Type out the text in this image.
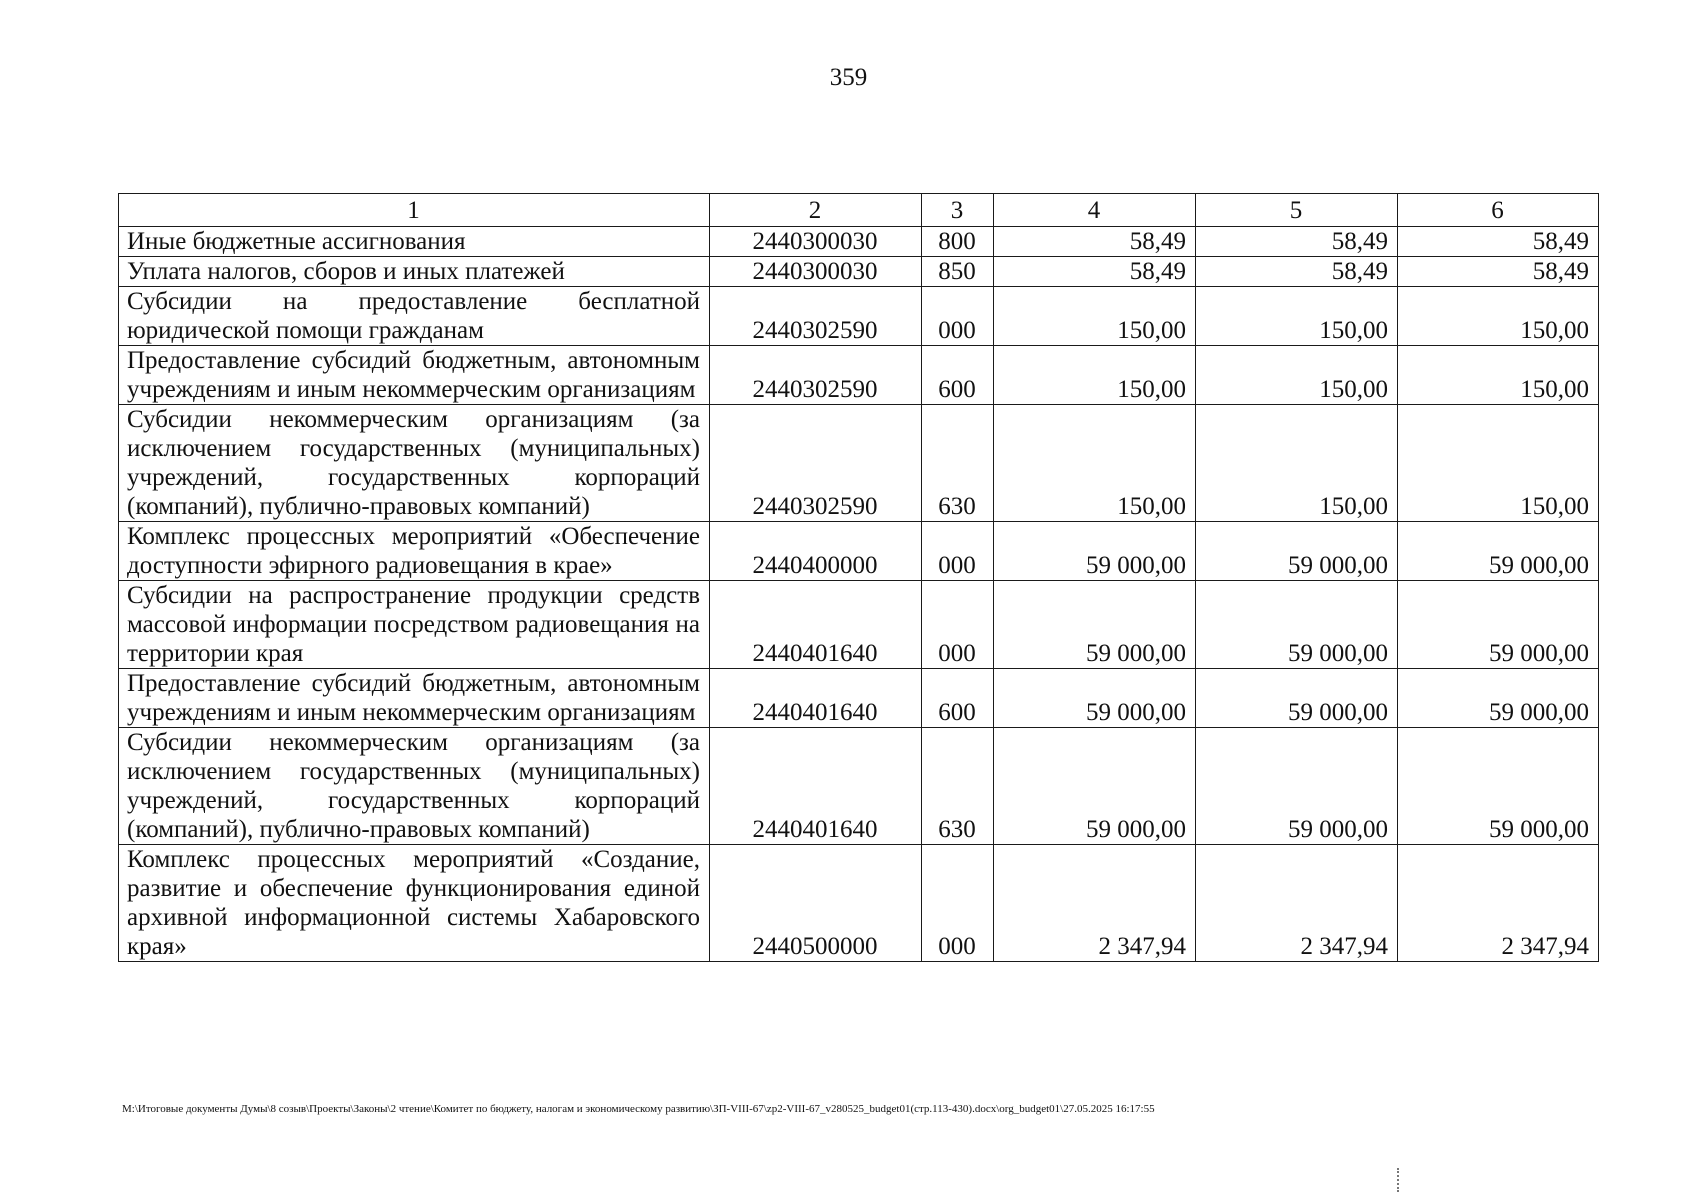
359
1	2	3	4	5	6
Иные бюджетные ассигнования	2440300030	800	58,49	58,49	58,49
Уплата налогов, сборов и иных платежей	2440300030	850	58,49	58,49	58,49
Субсидии на предоставление бесплатной юридической помощи гражданам	2440302590	000	150,00	150,00	150,00
Предоставление субсидий бюджетным, автономным учреждениям и иным некоммерческим организациям	2440302590	600	150,00	150,00	150,00
Субсидии некоммерческим организациям (за исключением государственных (муниципальных) учреждений, государственных корпораций (компаний), публично-правовых компаний)	2440302590	630	150,00	150,00	150,00
Комплекс процессных мероприятий «Обеспечение доступности эфирного радиовещания в крае»	2440400000	000	59 000,00	59 000,00	59 000,00
Субсидии на распространение продукции средств массовой информации посредством радиовещания на территории края	2440401640	000	59 000,00	59 000,00	59 000,00
Предоставление субсидий бюджетным, автономным учреждениям и иным некоммерческим организациям	2440401640	600	59 000,00	59 000,00	59 000,00
Субсидии некоммерческим организациям (за исключением государственных (муниципальных) учреждений, государственных корпораций (компаний), публично-правовых компаний)	2440401640	630	59 000,00	59 000,00	59 000,00
Комплекс процессных мероприятий «Создание, развитие и обеспечение функционирования единой архивной информационной системы Хабаровского края»	2440500000	000	2 347,94	2 347,94	2 347,94
M:\Итоговые документы Думы\8 созыв\Проекты\Законы\2 чтение\Комитет по бюджету, налогам и экономическому развитию\ЗП-VIII-67\zp2-VIII-67_v280525_budget01(стр.113-430).docx\org_budget01\27.05.2025 16:17:55
